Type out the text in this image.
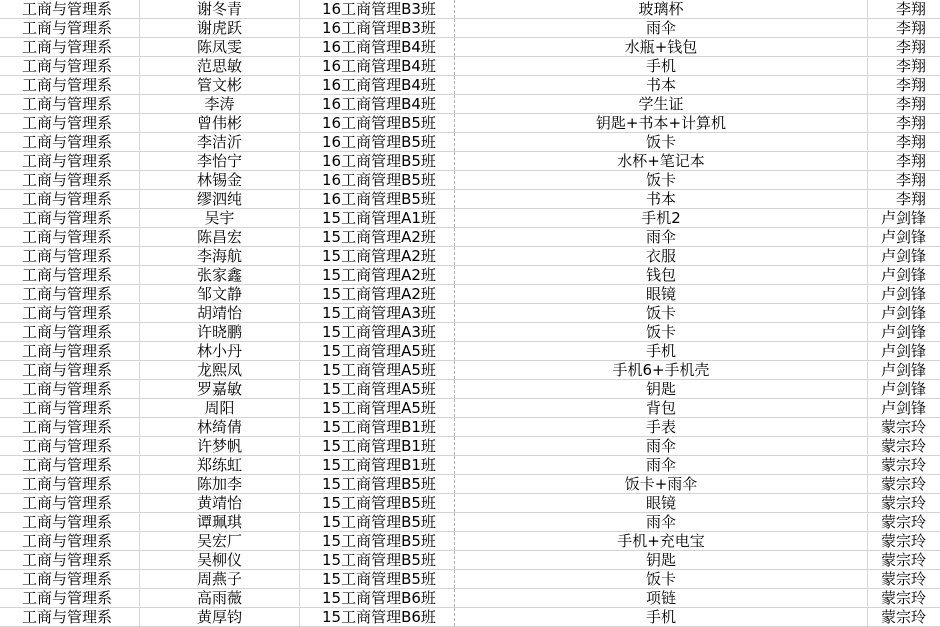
工商与管理系	谢冬青	16工商管理B3班	玻璃杯	李翔
工商与管理系	谢虎跃	16工商管理B3班	雨伞	李翔
工商与管理系	陈凤雯	16工商管理B4班	水瓶+钱包	李翔
工商与管理系	范思敏	16工商管理B4班	手机	李翔
工商与管理系	管文彬	16工商管理B4班	书本	李翔
工商与管理系	李涛	16工商管理B4班	学生证	李翔
工商与管理系	曾伟彬	16工商管理B5班	钥匙+书本+计算机	李翔
工商与管理系	李洁沂	16工商管理B5班	饭卡	李翔
工商与管理系	李怡宁	16工商管理B5班	水杯+笔记本	李翔
工商与管理系	林锡金	16工商管理B5班	饭卡	李翔
工商与管理系	缪泗纯	16工商管理B5班	书本	李翔
工商与管理系	吴宇	15工商管理A1班	手机2	卢剑锋
工商与管理系	陈昌宏	15工商管理A2班	雨伞	卢剑锋
工商与管理系	李海航	15工商管理A2班	衣服	卢剑锋
工商与管理系	张家鑫	15工商管理A2班	钱包	卢剑锋
工商与管理系	邹文静	15工商管理A2班	眼镜	卢剑锋
工商与管理系	胡靖怡	15工商管理A3班	饭卡	卢剑锋
工商与管理系	许晓鹏	15工商管理A3班	饭卡	卢剑锋
工商与管理系	林小丹	15工商管理A5班	手机	卢剑锋
工商与管理系	龙熙凤	15工商管理A5班	手机6+手机壳	卢剑锋
工商与管理系	罗嘉敏	15工商管理A5班	钥匙	卢剑锋
工商与管理系	周阳	15工商管理A5班	背包	卢剑锋
工商与管理系	林绮倩	15工商管理B1班	手表	蒙宗玲
工商与管理系	许梦帆	15工商管理B1班	雨伞	蒙宗玲
工商与管理系	郑练虹	15工商管理B1班	雨伞	蒙宗玲
工商与管理系	陈加李	15工商管理B5班	饭卡+雨伞	蒙宗玲
工商与管理系	黄靖怡	15工商管理B5班	眼镜	蒙宗玲
工商与管理系	谭珮琪	15工商管理B5班	雨伞	蒙宗玲
工商与管理系	吴宏厂	15工商管理B5班	手机+充电宝	蒙宗玲
工商与管理系	吴柳仪	15工商管理B5班	钥匙	蒙宗玲
工商与管理系	周燕子	15工商管理B5班	饭卡	蒙宗玲
工商与管理系	高雨薇	15工商管理B6班	项链	蒙宗玲
工商与管理系	黄厚钧	15工商管理B6班	手机	蒙宗玲
